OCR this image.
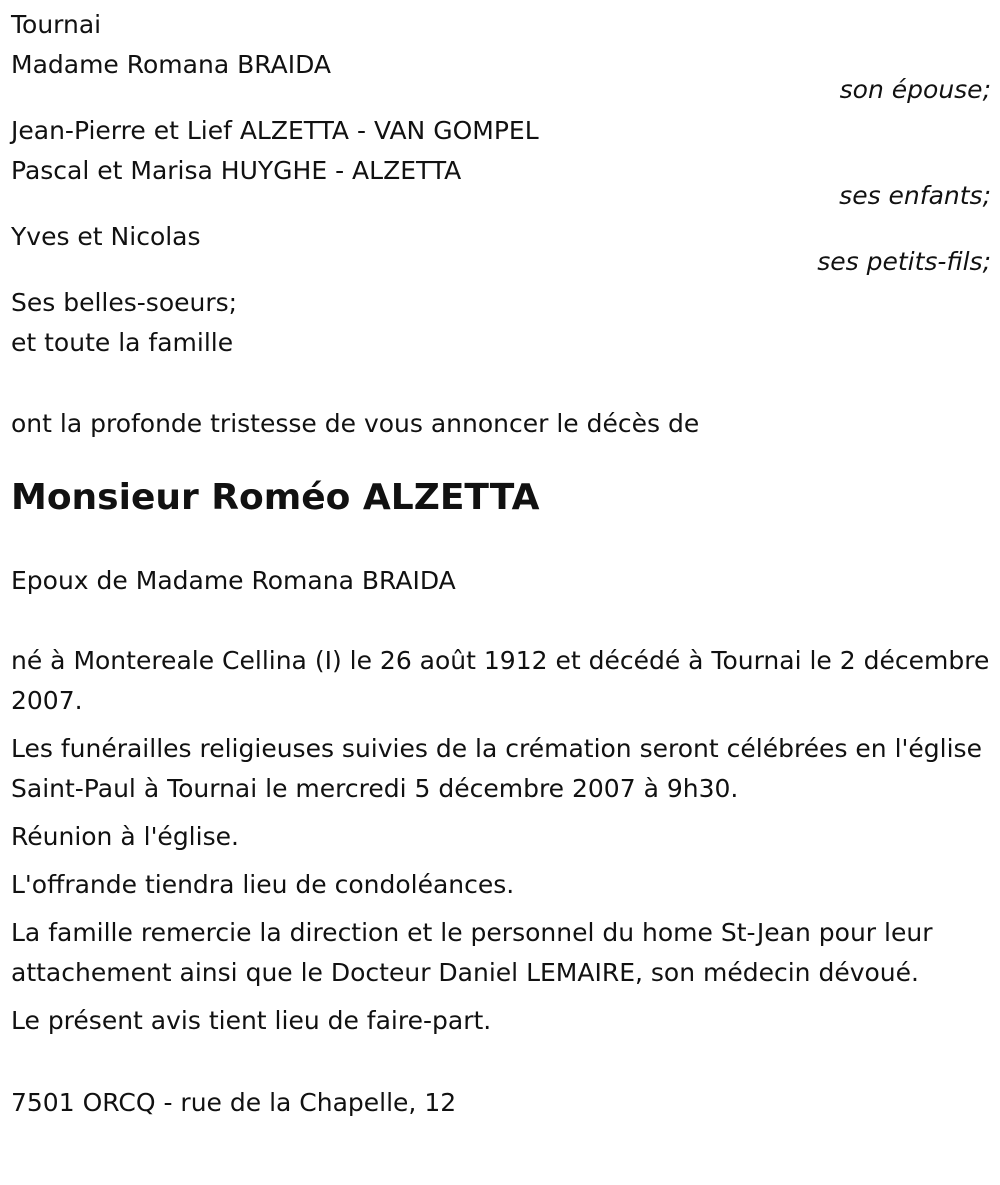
Tournai
Madame Romana BRAIDA
son épouse;
Jean-Pierre et Lief ALZETTA - VAN GOMPEL
Pascal et Marisa HUYGHE - ALZETTA
ses enfants;
Yves et Nicolas
ses petits-fils;
Ses belles-soeurs;
et toute la famille
ont la profonde tristesse de vous annoncer le décès de
Monsieur Roméo ALZETTA
Epoux de Madame Romana BRAIDA
né à Montereale Cellina (I) le 26 août 1912 et décédé à Tournai le 2 décembre 2007.
Les funérailles religieuses suivies de la crémation seront célébrées en l'église Saint-Paul à Tournai le mercredi 5 décembre 2007 à 9h30.
Réunion à l'église.
L'offrande tiendra lieu de condoléances.
La famille remercie la direction et le personnel du home St-Jean pour leur attachement ainsi que le Docteur Daniel LEMAIRE, son médecin dévoué.
Le présent avis tient lieu de faire-part.
7501 ORCQ - rue de la Chapelle, 12
